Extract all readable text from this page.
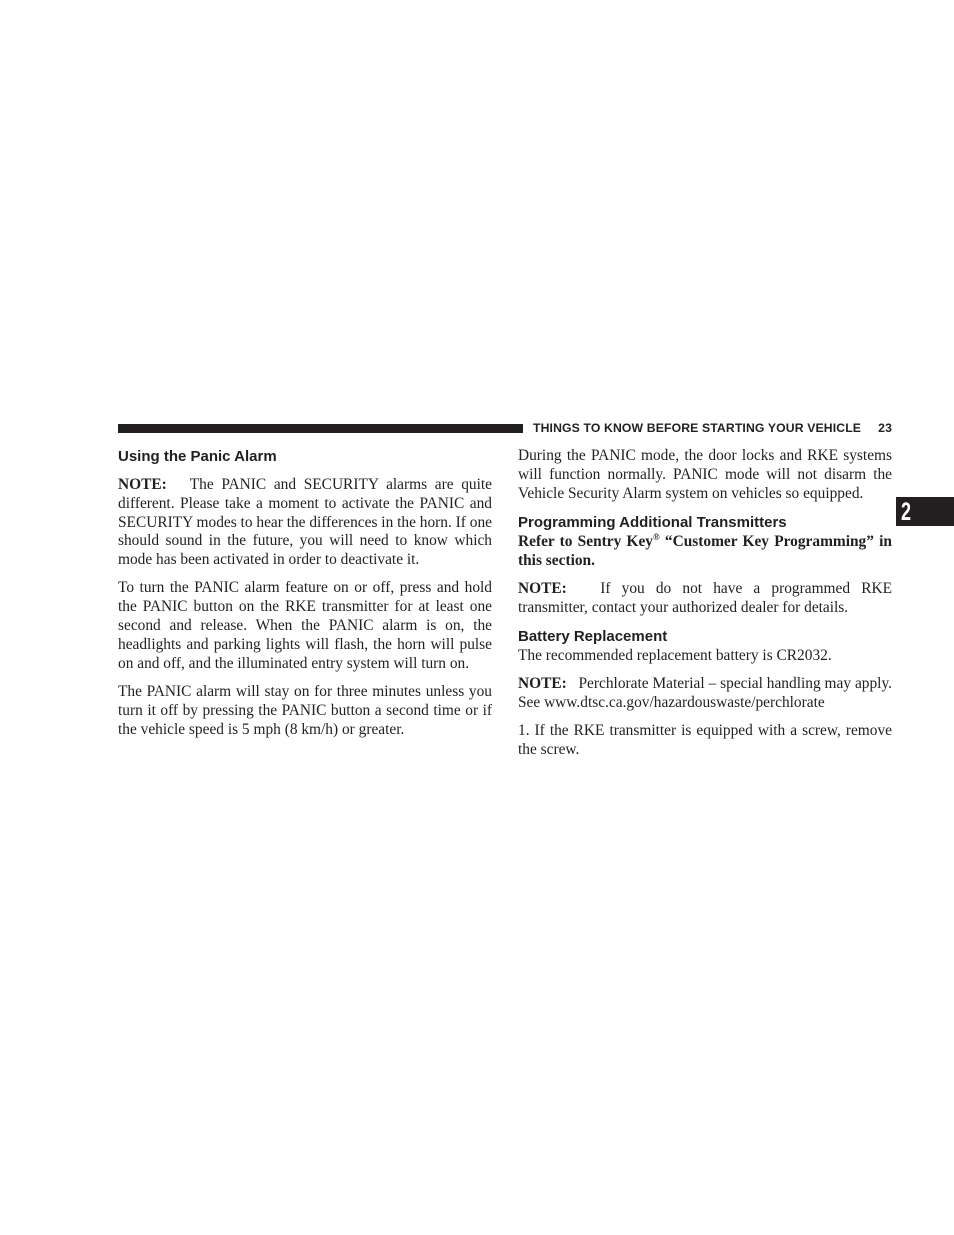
THINGS TO KNOW BEFORE STARTING YOUR VEHICLE 23
2
Using the Panic Alarm

NOTE: The PANIC and SECURITY alarms are quite different. Please take a moment to activate the PANIC and SECURITY modes to hear the differences in the horn. If one should sound in the future, you will need to know which mode has been activated in order to deactivate it.

To turn the PANIC alarm feature on or off, press and hold the PANIC button on the RKE transmitter for at least one second and release. When the PANIC alarm is on, the headlights and parking lights will flash, the horn will pulse on and off, and the illuminated entry system will turn on.

The PANIC alarm will stay on for three minutes unless you turn it off by pressing the PANIC button a second time or if the vehicle speed is 5 mph (8 km/h) or greater.

During the PANIC mode, the door locks and RKE systems will function normally. PANIC mode will not disarm the Vehicle Security Alarm system on vehicles so equipped.

Programming Additional Transmitters

Refer to Sentry Key® “Customer Key Programming” in this section.

NOTE: If you do not have a programmed RKE transmitter, contact your authorized dealer for details.

Battery Replacement

The recommended replacement battery is CR2032.

NOTE: Perchlorate Material – special handling may apply. See www.dtsc.ca.gov/hazardouswaste/perchlorate

1. If the RKE transmitter is equipped with a screw, remove the screw.
